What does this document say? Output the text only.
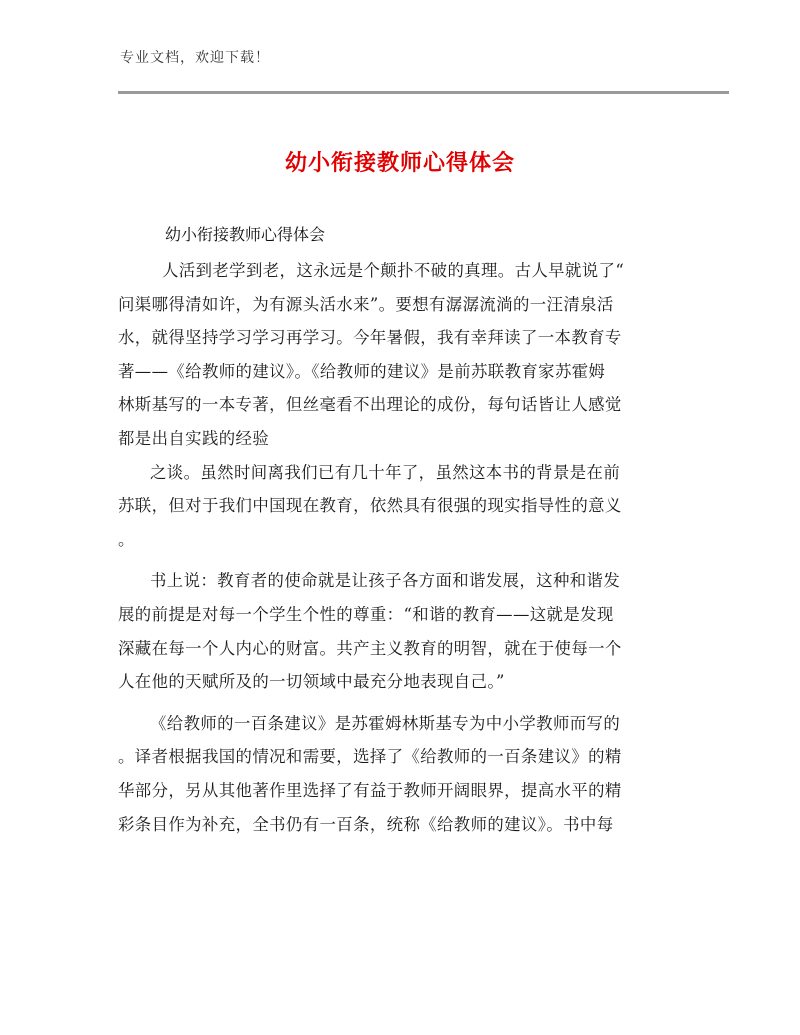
专业文档，欢迎下载！
幼小衔接教师心得体会
幼小衔接教师心得体会
人活到老学到老，这永远是个颠扑不破的真理。古人早就说了“
问渠哪得清如许，为有源头活水来”。要想有潺潺流淌的一汪清泉活
水，就得坚持学习学习再学习。今年暑假，我有幸拜读了一本教育专
著——《给教师的建议》。《给教师的建议》是前苏联教育家苏霍姆
林斯基写的一本专著，但丝毫看不出理论的成份，每句话皆让人感觉
都是出自实践的经验
之谈。虽然时间离我们已有几十年了，虽然这本书的背景是在前
苏联，但对于我们中国现在教育，依然具有很强的现实指导性的意义
。
书上说：教育者的使命就是让孩子各方面和谐发展，这种和谐发
展的前提是对每一个学生个性的尊重：“和谐的教育——这就是发现
深藏在每一个人内心的财富。共产主义教育的明智，就在于使每一个
人在他的天赋所及的一切领域中最充分地表现自己。”
《给教师的一百条建议》是苏霍姆林斯基专为中小学教师而写的
。译者根据我国的情况和需要，选择了《给教师的一百条建议》的精
华部分，另从其他著作里选择了有益于教师开阔眼界，提高水平的精
彩条目作为补充，全书仍有一百条，统称《给教师的建议》。书中每
